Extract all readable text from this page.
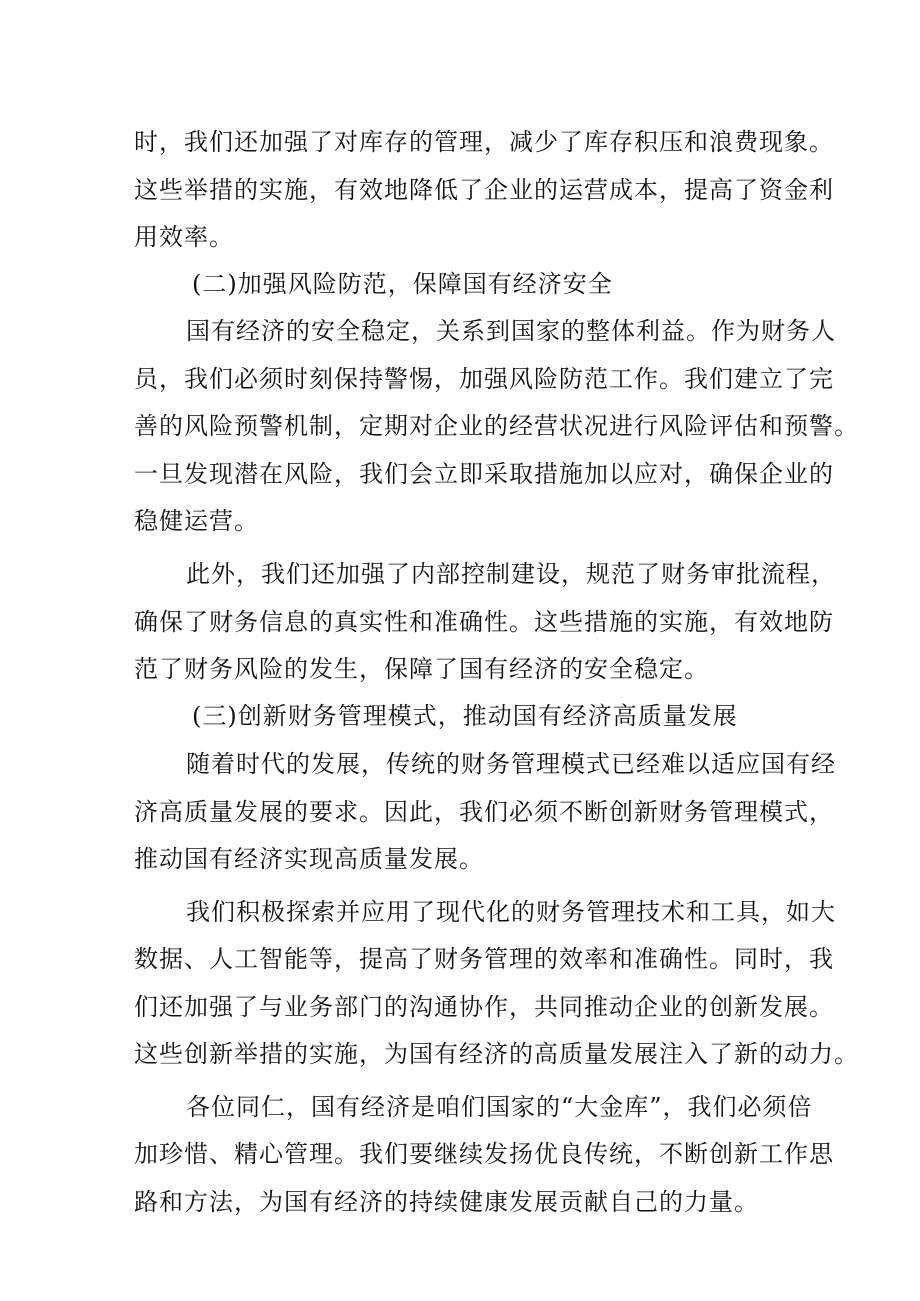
时，我们还加强了对库存的管理，减少了库存积压和浪费现象。
这些举措的实施，有效地降低了企业的运营成本，提高了资金利
用效率。
(二)加强风险防范，保障国有经济安全
国有经济的安全稳定，关系到国家的整体利益。作为财务人
员，我们必须时刻保持警惕，加强风险防范工作。我们建立了完
善的风险预警机制，定期对企业的经营状况进行风险评估和预警。
一旦发现潜在风险，我们会立即采取措施加以应对，确保企业的
稳健运营。
此外，我们还加强了内部控制建设，规范了财务审批流程，
确保了财务信息的真实性和准确性。这些措施的实施，有效地防
范了财务风险的发生，保障了国有经济的安全稳定。
(三)创新财务管理模式，推动国有经济高质量发展
随着时代的发展，传统的财务管理模式已经难以适应国有经
济高质量发展的要求。因此，我们必须不断创新财务管理模式，
推动国有经济实现高质量发展。
我们积极探索并应用了现代化的财务管理技术和工具，如大
数据、人工智能等，提高了财务管理的效率和准确性。同时，我
们还加强了与业务部门的沟通协作，共同推动企业的创新发展。
这些创新举措的实施，为国有经济的高质量发展注入了新的动力。
各位同仁，国有经济是咱们国家的“大金库”，我们必须倍
加珍惜、精心管理。我们要继续发扬优良传统，不断创新工作思
路和方法，为国有经济的持续健康发展贡献自己的力量。
